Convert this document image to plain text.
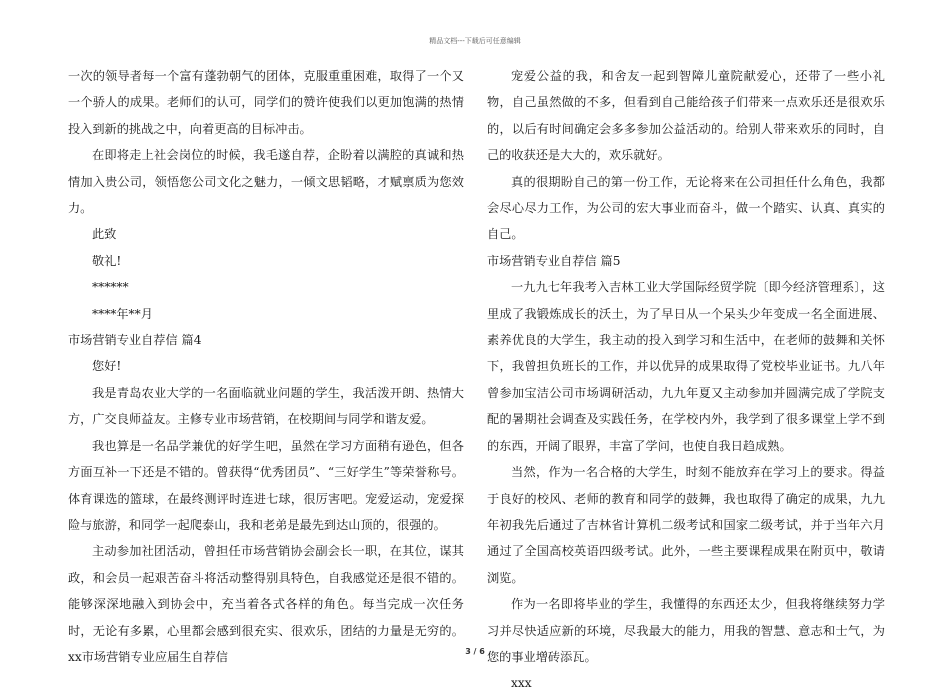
精品文档---下载后可任意编辑

一次的领导者每一个富有蓬勃朝气的团体，克服重重困难，取得了一个又一个骄人的成果。老师们的认可，同学们的赞许使我们以更加饱满的热情投入到新的挑战之中，向着更高的目标冲击。

在即将走上社会岗位的时候，我毛遂自荐，企盼着以满腔的真诚和热情加入贵公司，领悟您公司文化之魅力，一倾文思韬略，才赋禀质为您效力。

此致

敬礼!

******

****年**月

市场营销专业自荐信 篇4

您好!

我是青岛农业大学的一名面临就业问题的学生，我活泼开朗、热情大方，广交良师益友。主修专业市场营销，在校期间与同学和谐友爱。

我也算是一名品学兼优的好学生吧，虽然在学习方面稍有逊色，但各方面互补一下还是不错的。曾获得“优秀团员”、“三好学生”等荣誉称号。体育课选的篮球，在最终测评时连进七球，很厉害吧。宠爱运动，宠爱探险与旅游，和同学一起爬泰山，我和老弟是最先到达山顶的，很强的。

主动参加社团活动，曾担任市场营销协会副会长一职，在其位，谋其政，和会员一起艰苦奋斗将活动整得别具特色，自我感觉还是很不错的。能够深深地融入到协会中，充当着各式各样的角色。每当完成一次任务时，无论有多累，心里都会感到很充实、很欢乐，团结的力量是无穷的。xx市场营销专业应届生自荐信

宠爱公益的我，和舍友一起到智障儿童院献爱心，还带了一些小礼物，自己虽然做的不多，但看到自己能给孩子们带来一点欢乐还是很欢乐的，以后有时间确定会多多参加公益活动的。给别人带来欢乐的同时，自己的收获还是大大的，欢乐就好。

真的很期盼自己的第一份工作，无论将来在公司担任什么角色，我都会尽心尽力工作，为公司的宏大事业而奋斗，做一个踏实、认真、真实的自己。

市场营销专业自荐信 篇5

一九九七年我考入吉林工业大学国际经贸学院〔即今经济管理系〕，这里成了我锻炼成长的沃土，为了早日从一个呆头少年变成一名全面进展、素养优良的大学生，我主动的投入到学习和生活中，在老师的鼓舞和关怀下，我曾担负班长的工作，并以优异的成果取得了党校毕业证书。九八年曾参加宝洁公司市场调研活动，九九年夏又主动参加并圆满完成了学院支配的暑期社会调查及实践任务，在学校内外，我学到了很多课堂上学不到的东西，开阔了眼界，丰富了学问，也使自我日趋成熟。

当然，作为一名合格的大学生，时刻不能放弃在学习上的要求。得益于良好的校风、老师的教育和同学的鼓舞，我也取得了确定的成果，九九年初我先后通过了吉林省计算机二级考试和国家二级考试，并于当年六月通过了全国高校英语四级考试。此外，一些主要课程成果在附页中，敬请浏览。

作为一名即将毕业的学生，我懂得的东西还太少，但我将继续努力学习并尽快适应新的环境，尽我最大的能力，用我的智慧、意志和士气，为您的事业增砖添瓦。

xxx

3 / 6
